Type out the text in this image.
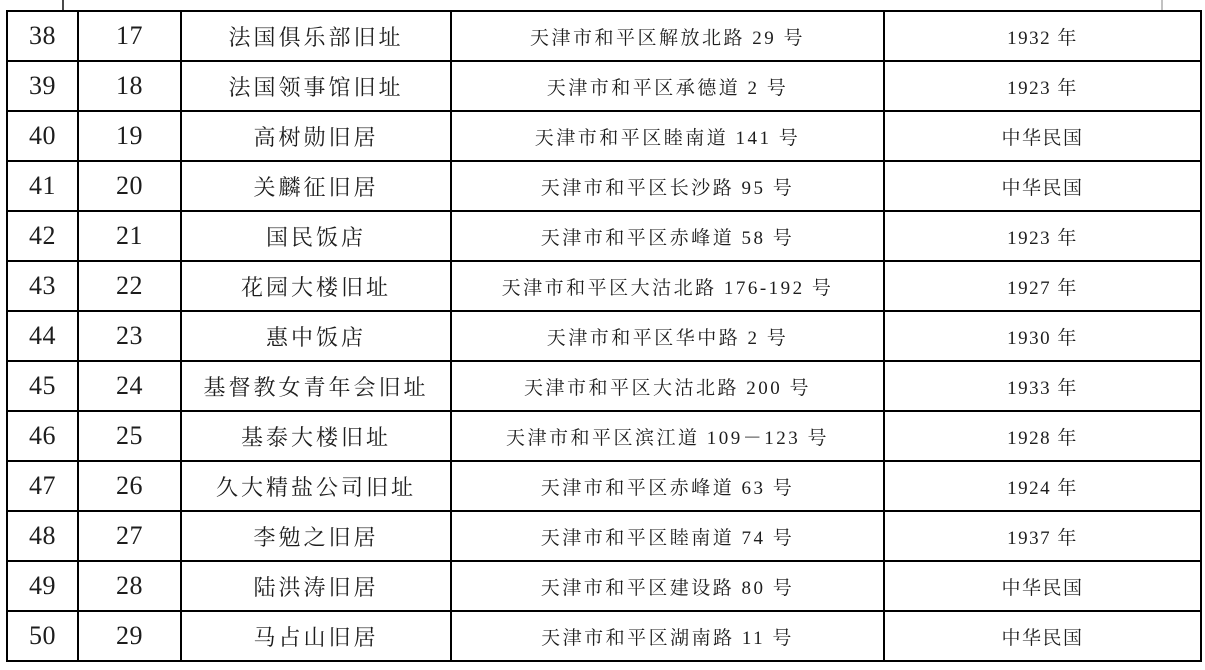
38	17	法国俱乐部旧址	天津市和平区解放北路 29 号	1932 年
39	18	法国领事馆旧址	天津市和平区承德道 2 号	1923 年
40	19	高树勋旧居	天津市和平区睦南道 141 号	中华民国
41	20	关麟征旧居	天津市和平区长沙路 95 号	中华民国
42	21	国民饭店	天津市和平区赤峰道 58 号	1923 年
43	22	花园大楼旧址	天津市和平区大沽北路 176-192 号	1927 年
44	23	惠中饭店	天津市和平区华中路 2 号	1930 年
45	24	基督教女青年会旧址	天津市和平区大沽北路 200 号	1933 年
46	25	基泰大楼旧址	天津市和平区滨江道 109－123 号	1928 年
47	26	久大精盐公司旧址	天津市和平区赤峰道 63 号	1924 年
48	27	李勉之旧居	天津市和平区睦南道 74 号	1937 年
49	28	陆洪涛旧居	天津市和平区建设路 80 号	中华民国
50	29	马占山旧居	天津市和平区湖南路 11 号	中华民国
